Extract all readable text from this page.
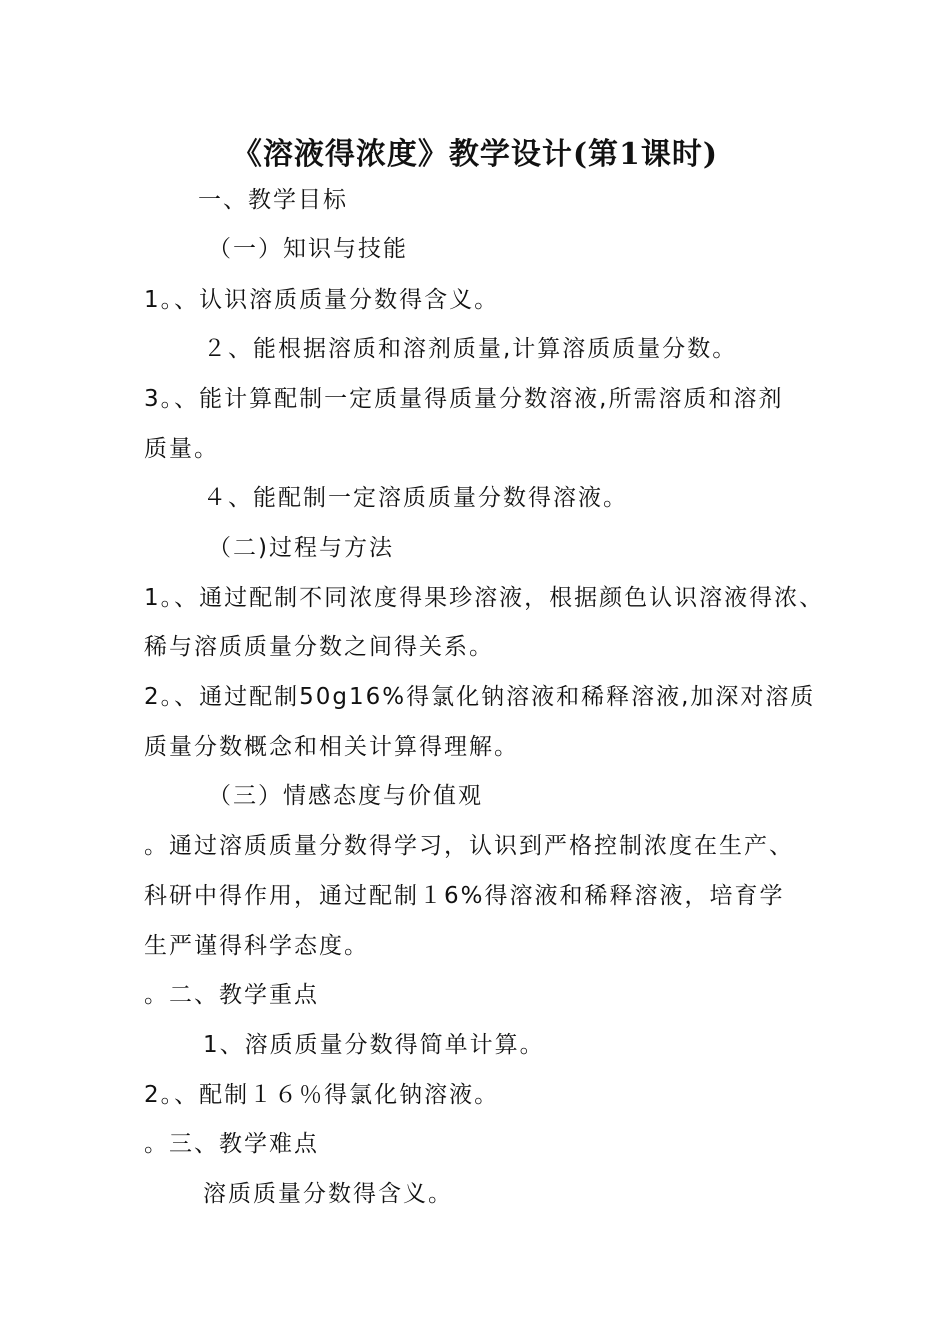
《溶液得浓度》教学设计(第1课时)
一、教学目标
（一）知识与技能
1。、认识溶质质量分数得含义。
２、能根据溶质和溶剂质量,计算溶质质量分数。
3。、能计算配制一定质量得质量分数溶液,所需溶质和溶剂
质量。
４、能配制一定溶质质量分数得溶液。
（二)过程与方法
1。、通过配制不同浓度得果珍溶液，根据颜色认识溶液得浓、
稀与溶质质量分数之间得关系。
2。、通过配制50g16%得氯化钠溶液和稀释溶液,加深对溶质
质量分数概念和相关计算得理解。
（三）情感态度与价值观
。通过溶质质量分数得学习，认识到严格控制浓度在生产、
科研中得作用，通过配制１6%得溶液和稀释溶液，培育学
生严谨得科学态度。
。二、教学重点
1、溶质质量分数得简单计算。
2。、配制１６％得氯化钠溶液。
。三、教学难点
溶质质量分数得含义。
